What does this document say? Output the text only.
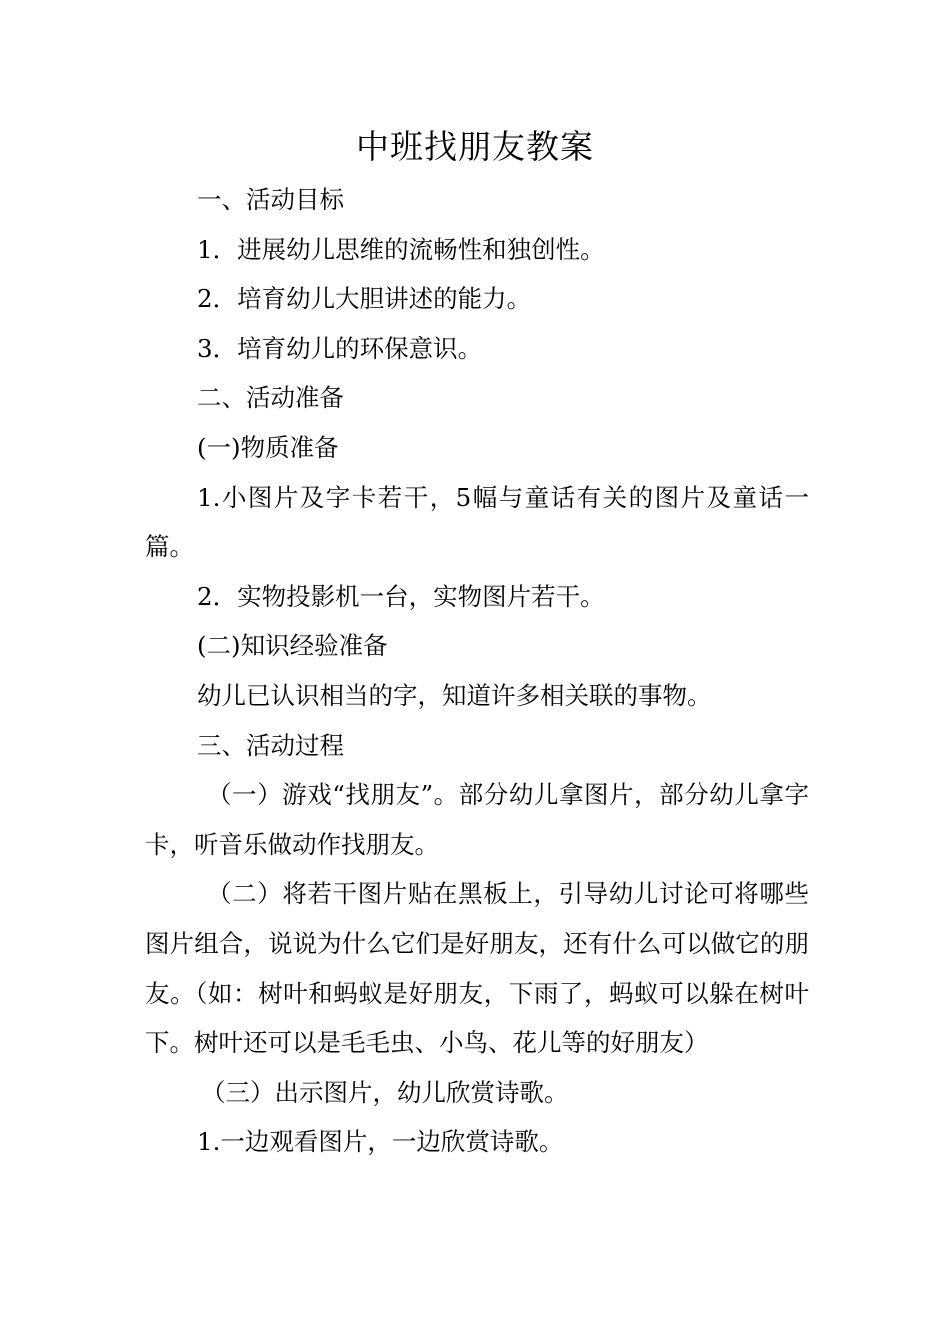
中班找朋友教案

一、活动目标

1．进展幼儿思维的流畅性和独创性。

2．培育幼儿大胆讲述的能力。

3．培育幼儿的环保意识。

二、活动准备

(一)物质准备

1.小图片及字卡若干，5幅与童话有关的图片及童话一篇。

2．实物投影机一台，实物图片若干。

(二)知识经验准备

幼儿已认识相当的字，知道许多相关联的事物。

三、活动过程

（一）游戏“找朋友”。部分幼儿拿图片，部分幼儿拿字卡，听音乐做动作找朋友。

（二）将若干图片贴在黑板上，引导幼儿讨论可将哪些图片组合，说说为什么它们是好朋友，还有什么可以做它的朋友。（如：树叶和蚂蚁是好朋友，下雨了，蚂蚁可以躲在树叶下。树叶还可以是毛毛虫、小鸟、花儿等的好朋友）

（三）出示图片，幼儿欣赏诗歌。

1.一边观看图片，一边欣赏诗歌。
